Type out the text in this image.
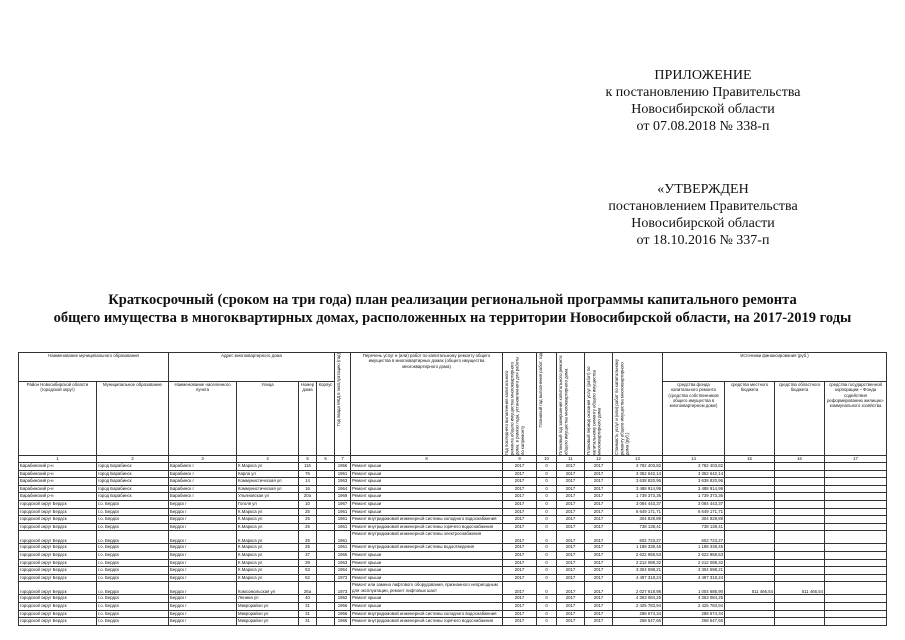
ПРИЛОЖЕНИЕ
к постановлению Правительства
Новосибирской области
от 07.08.2018 № 338-п
«УТВЕРЖДЕН
постановлением Правительства
Новосибирской области
от 18.10.2016 № 337-п
Краткосрочный (сроком на три года) план реализации региональной программы капитального ремонта
общего имущества в многоквартирных домах, расположенных на территории Новосибирской области, на 2017-2019 годы
Наименование муниципального образования		Адрес многоквартирного дома				Год ввода МКД в эксплуатацию (год)	Перечень услуг и (или) работ по капитальному ремонту общего имущества в многоквартирных домах (общего имущества многоквартирного дома)	Год последнего выполнения капитального ремонта общего имущества многоквартирного дома, в рамках года, установленного для работы по капремонту	Плановый год выполнения работ, год	Плановый год завершения капитального ремонта общего имущества многоквартирного дома	Плановый период оказания услуг (работ) по капитальному ремонту общего имущества многоквартирного дома	Стоимость услуг и (или) работ по капитальному ремонту общего имущества многоквартирного дома (руб.)	Источники финансирования (руб.)			
Район Новосибирской области (городской округ)	Муниципальное образование	Наименование населенного пункта	Улица	Номер дома	Корпус								средства фонда капитального ремонта (средства собственников общего имущества в многоквартирном доме)	средства местного бюджета	средства областного бюджета	средства государственной корпорации – Фонда содействия реформированию жилищно-коммунального хозяйства
1	2	3	4	5	6	7	8	9	10	11	12	13	14	15	16	17
Барабинский р-н	город Барабинск	Барабинск г	К.Маркса ул	116		1956	Ремонт крыши	2017	0	2017	2017	3 782 403,82	3 782 403,82			
Барабинский р-н	город Барабинск	Барабинск г	Карла ул	76		1961	Ремонт крыши	2017	0	2017	2017	3 352 642,14	3 352 642,14			
Барабинский р-н	город Барабинск	Барабинск г	Коммунистическая ул	14		1963	Ремонт крыши	2017	0	2017	2017	3 638 820,96	3 638 820,96			
Барабинский р-н	город Барабинск	Барабинск г	Коммунистическая ул	16		1964	Ремонт крыши	2017	0	2017	2017	3 488 914,99	3 488 914,99			
Барабинский р-н	город Барабинск	Барабинск г	Ульяновская ул	20а		1969	Ремонт крыши	2017	0	2017	2017	1 739 373,36	1 739 373,36			
городской округ Бердск	г.о. Бердск	Бердск г	Гоголя ул	10		1967	Ремонт крыши	2017	0	2017	2017	3 084 443,37	3 084 443,37			
городской округ Бердск	г.о. Бердск	Бердск г	К.Маркса ул	25		1961	Ремонт крыши	2017	0	2017	2017	6 649 171,71	6 649 171,71			
городской округ Бердск	г.о. Бердск	Бердск г	К.Маркса ул	25		1961	Ремонт внутридомовой инженерной системы холодного водоснабжения	2017	0	2017	2017	304 828,89	304 828,89			
городской округ Бердск	г.о. Бердск	Бердск г	К.Маркса ул	25		1961	Ремонт внутридомовой инженерной системы горячего водоснабжения	2017	0	2017	2017	738 138,41	738 138,41			
городской округ Бердск	г.о. Бердск	Бердск г	К.Маркса ул	25		1961	Ремонт внутридомовой инженерной системы электроснабжения	2017	0	2017	2017	602 723,27	602 723,27			
городской округ Бердск	г.о. Бердск	Бердск г	К.Маркса ул	25		1961	Ремонт внутридомовой инженерной системы водоотведения	2017	0	2017	2017	1 188 338,45	1 188 338,45			
городской округ Бердск	г.о. Бердск	Бердск г	К.Маркса ул	37		1966	Ремонт крыши	2017	0	2017	2017	2 622 968,53	2 622 968,53			
городской округ Бердск	г.о. Бердск	Бердск г	К.Маркса ул	39		1963	Ремонт крыши	2017	0	2017	2017	2 212 088,32	2 212 088,32			
городской округ Бердск	г.о. Бердск	Бердск г	К.Маркса ул	53		1964	Ремонт крыши	2017	0	2017	2017	3 304 598,21	3 304 598,21			
городской округ Бердск	г.о. Бердск	Бердск г	К.Маркса ул	62		1973	Ремонт крыши	2017	0	2017	2017	4 497 318,24	4 497 318,24			
городской округ Бердск	г.о. Бердск	Бердск г	Комсомольская ул	26а		1973	Ремонт или замена лифтового оборудования, признанного непригодным для эксплуатации, ремонт лифтовых шахт	2017	0	2017	2017	2 027 618,98	1 004 685,90	511 466,54	511 466,54	
городской округ Бердск	г.о. Бердск	Бердск г	Ленина ул	40		1962	Ремонт крыши	2017	0	2017	2017	4 363 084,25	4 363 084,25			
городской округ Бердск	г.о. Бердск	Бердск г	Микрорайон ул	31		1966	Ремонт крыши	2017	0	2017	2017	2 425 783,94	2 425 783,94			
городской округ Бердск	г.о. Бердск	Бердск г	Микрорайон ул	31		1966	Ремонт внутридомовой инженерной системы холодного водоснабжения	2017	0	2017	2017	288 674,34	288 674,34			
городской округ Бердск	г.о. Бердск	Бердск г	Микрорайон ул	31		1966	Ремонт внутридомовой инженерной системы горячего водоснабжения	2017	0	2017	2017	268 547,66	268 547,66			
